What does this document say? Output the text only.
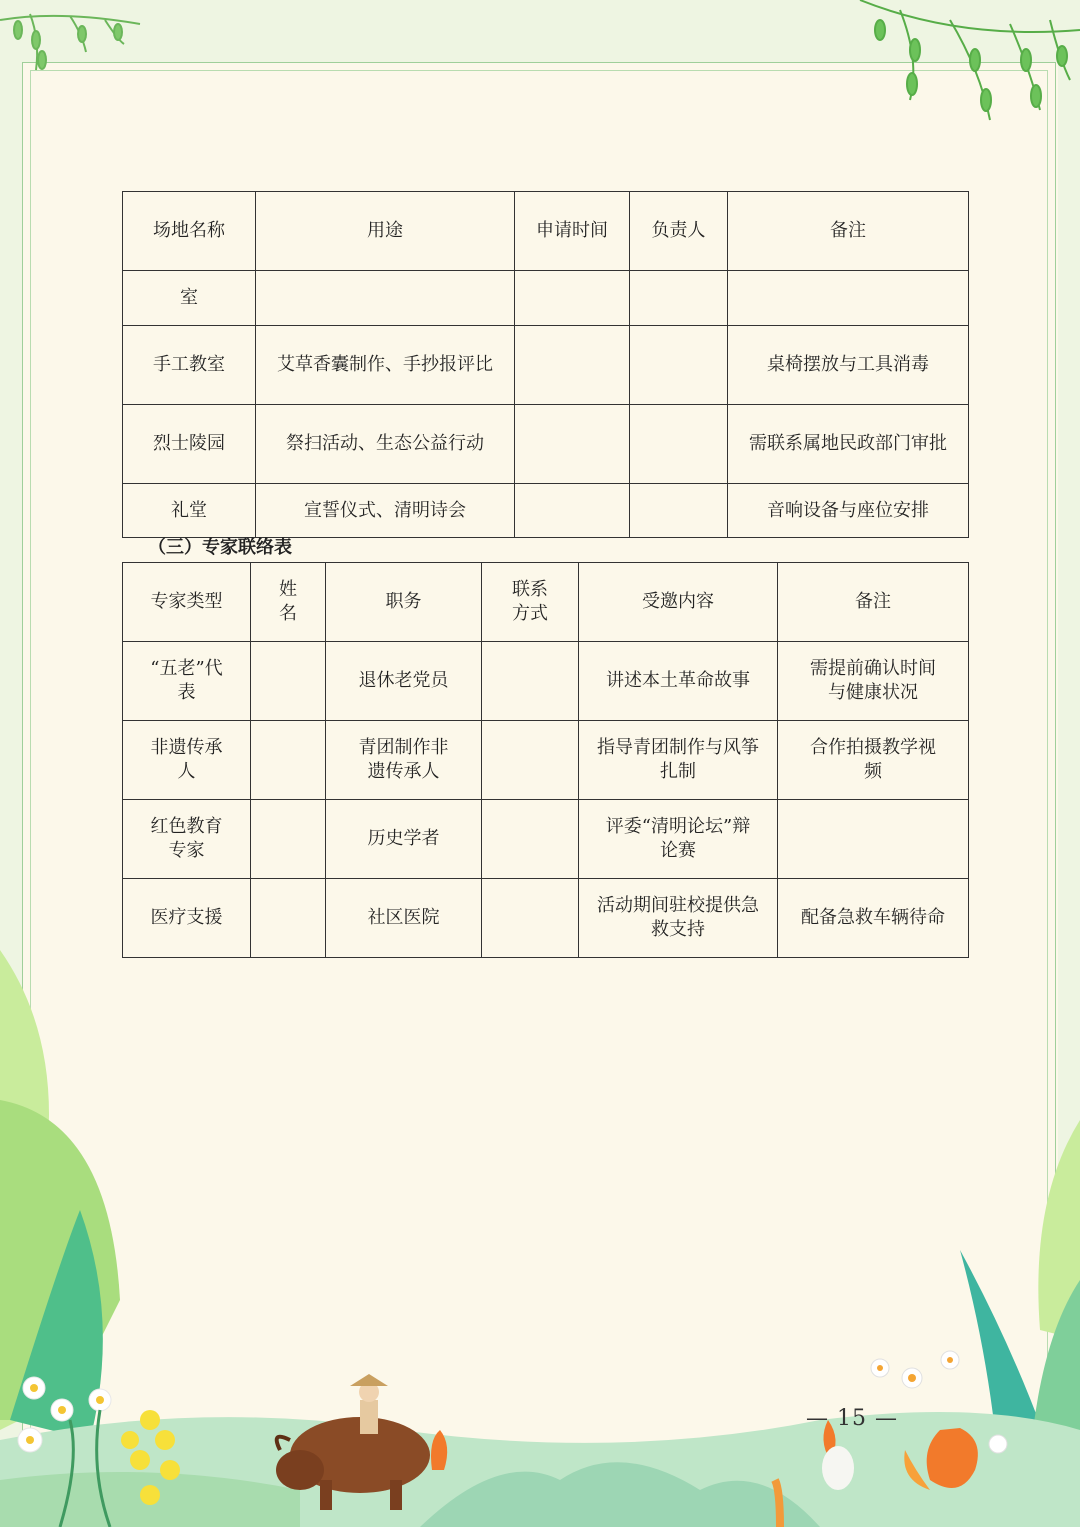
场地名称	用途	申请时间	负责人	备注
室				
手工教室	艾草香囊制作、手抄报评比			桌椅摆放与工具消毒
烈士陵园	祭扫活动、生态公益行动			需联系属地民政部门审批
礼堂	宣誓仪式、清明诗会			音响设备与座位安排
（三）专家联络表
专家类型	姓名	职务	联系方式	受邀内容	备注
“五老”代表		退休老党员		讲述本土革命故事	需提前确认时间与健康状况
非遗传承人		青团制作非遗传承人		指导青团制作与风筝扎制	合作拍摄教学视频
红色教育专家		历史学者		评委“清明论坛”辩论赛	
医疗支援		社区医院		活动期间驻校提供急救支持	配备急救车辆待命
— 15 —
